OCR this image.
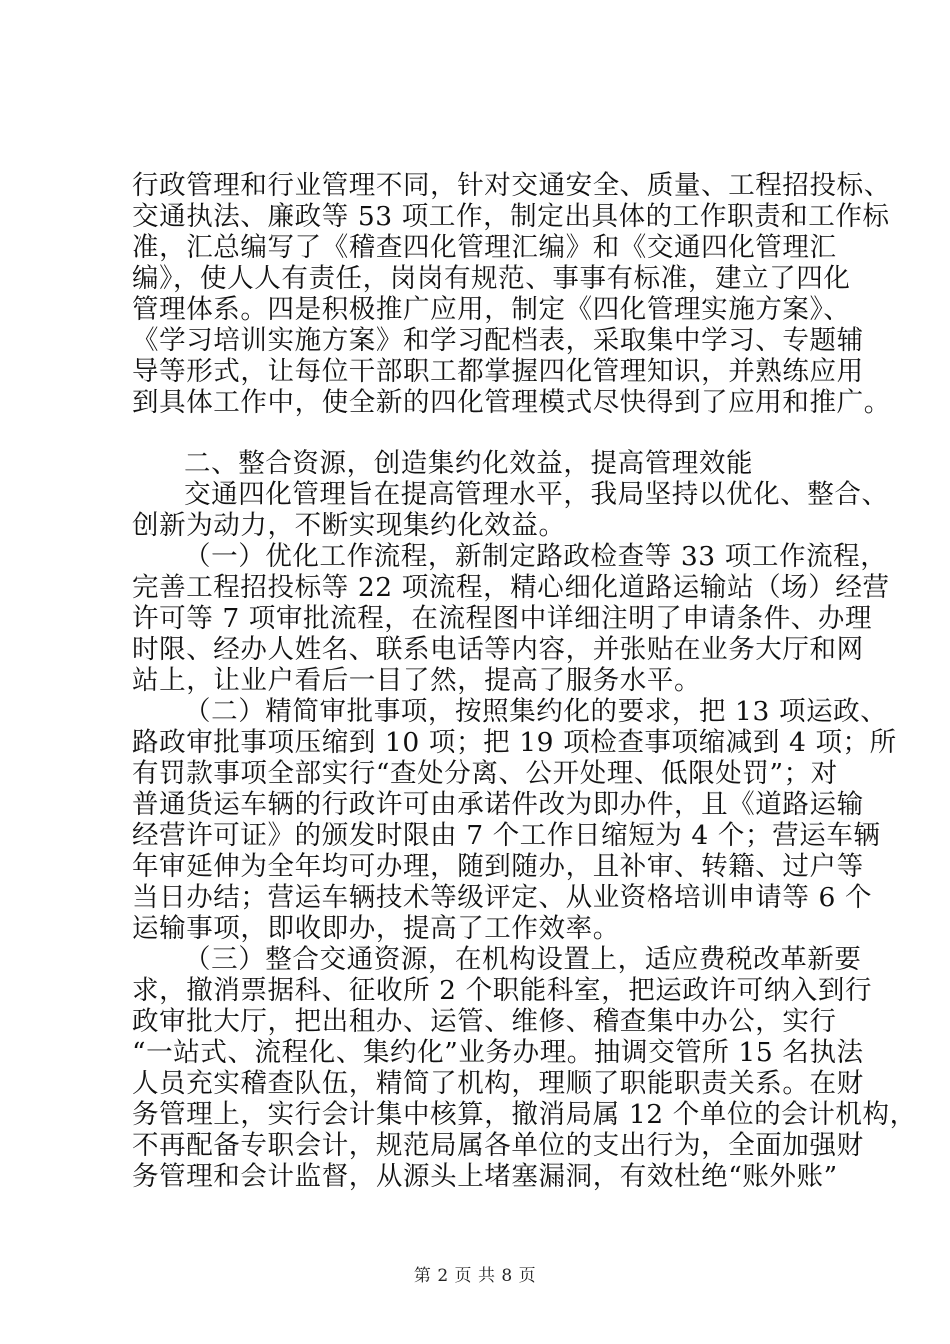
行政管理和行业管理不同，针对交通安全、质量、工程招投标、
交通执法、廉政等 53 项工作，制定出具体的工作职责和工作标
准，汇总编写了《稽查四化管理汇编》和《交通四化管理汇
编》，使人人有责任，岗岗有规范、事事有标准，建立了四化
管理体系。四是积极推广应用，制定《四化管理实施方案》、
《学习培训实施方案》和学习配档表，采取集中学习、专题辅
导等形式，让每位干部职工都掌握四化管理知识，并熟练应用
到具体工作中，使全新的四化管理模式尽快得到了应用和推广。
二、整合资源，创造集约化效益，提高管理效能
交通四化管理旨在提高管理水平，我局坚持以优化、整合、
创新为动力，不断实现集约化效益。
（一）优化工作流程，新制定路政检查等 33 项工作流程，
完善工程招投标等 22 项流程，精心细化道路运输站（场）经营
许可等 7 项审批流程，在流程图中详细注明了申请条件、办理
时限、经办人姓名、联系电话等内容，并张贴在业务大厅和网
站上，让业户看后一目了然，提高了服务水平。
（二）精简审批事项，按照集约化的要求，把 13 项运政、
路政审批事项压缩到 10 项；把 19 项检查事项缩减到 4 项；所
有罚款事项全部实行“查处分离、公开处理、低限处罚”；对
普通货运车辆的行政许可由承诺件改为即办件，且《道路运输
经营许可证》的颁发时限由 7 个工作日缩短为 4 个；营运车辆
年审延伸为全年均可办理，随到随办，且补审、转籍、过户等
当日办结；营运车辆技术等级评定、从业资格培训申请等 6 个
运输事项，即收即办，提高了工作效率。
（三）整合交通资源，在机构设置上，适应费税改革新要
求，撤消票据科、征收所 2 个职能科室，把运政许可纳入到行
政审批大厅，把出租办、运管、维修、稽查集中办公，实行
“一站式、流程化、集约化”业务办理。抽调交管所 15 名执法
人员充实稽查队伍，精简了机构，理顺了职能职责关系。在财
务管理上，实行会计集中核算，撤消局属 12 个单位的会计机构，
不再配备专职会计，规范局属各单位的支出行为，全面加强财
务管理和会计监督，从源头上堵塞漏洞，有效杜绝“账外账”
第 2 页 共 8 页
